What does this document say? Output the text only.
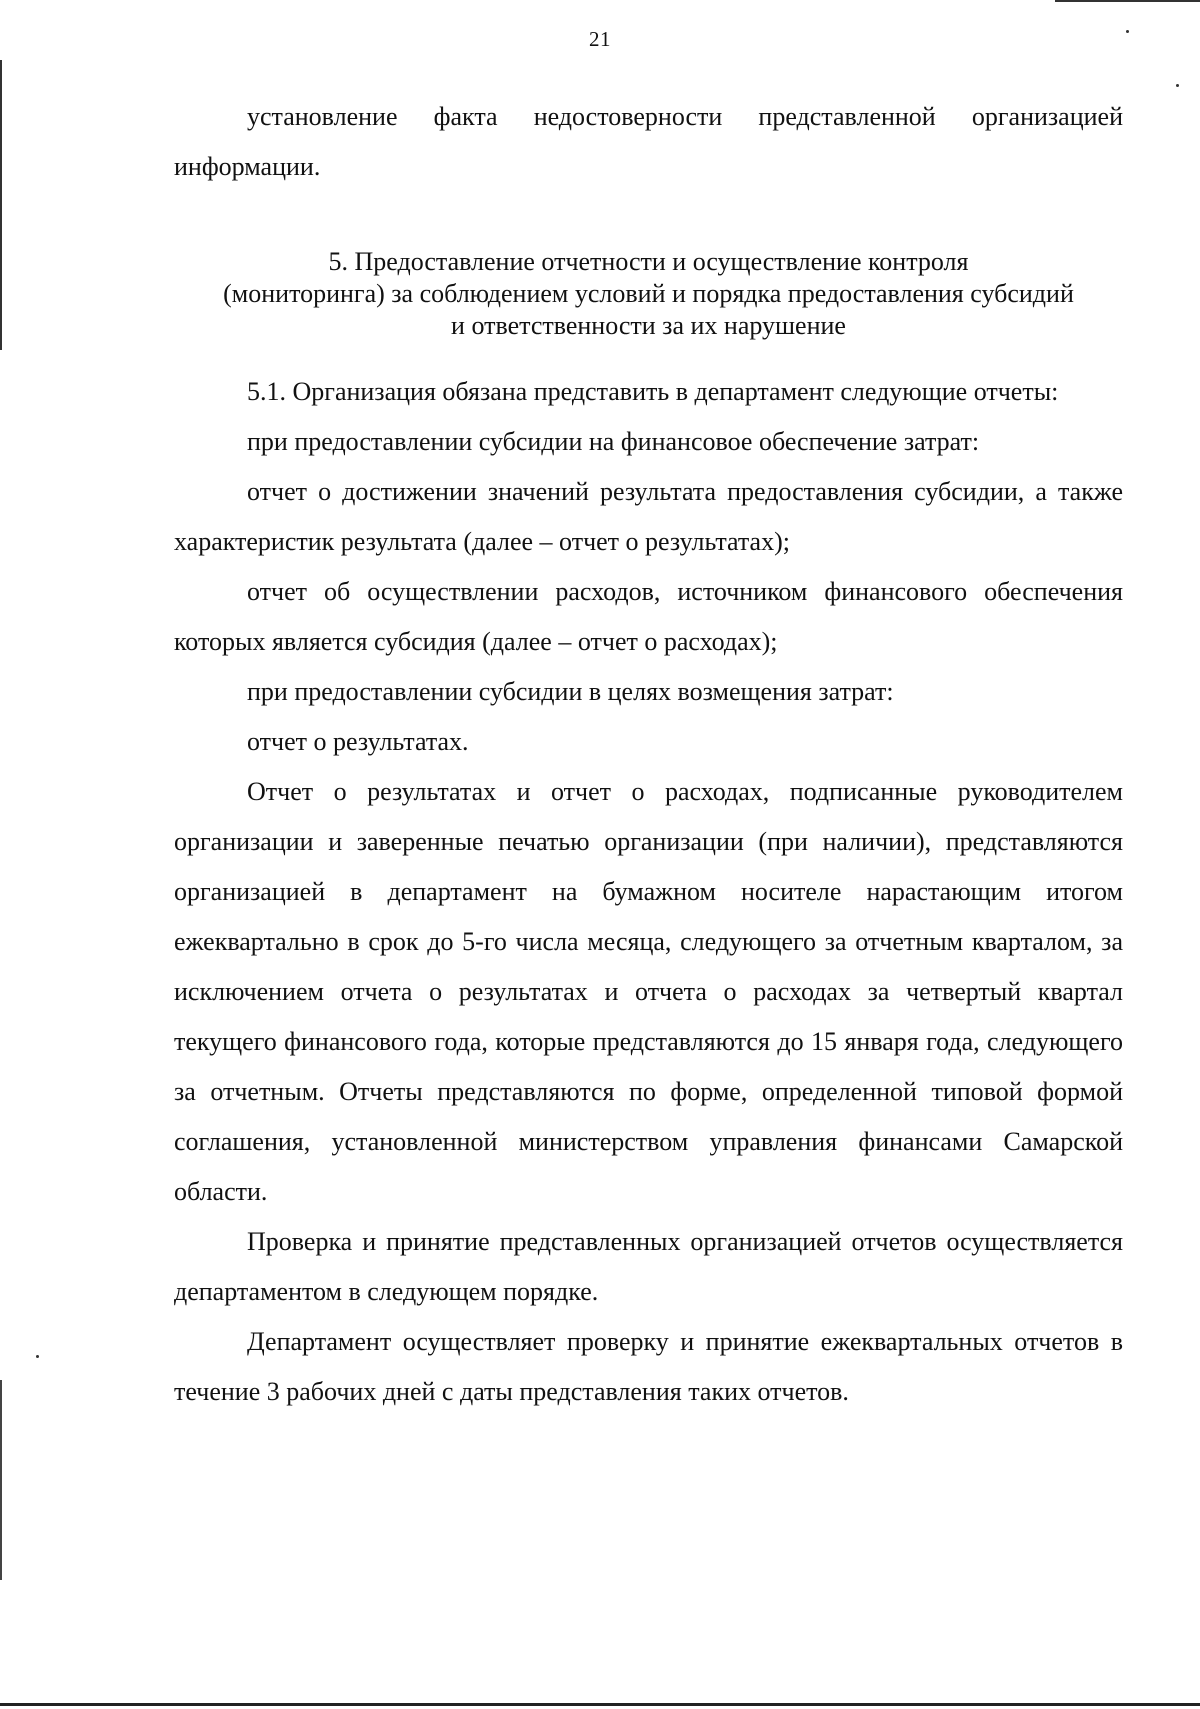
21

установление факта недостоверности представленной организацией информации.

5. Предоставление отчетности и осуществление контроля
(мониторинга) за соблюдением условий и порядка предоставления субсидий
и ответственности за их нарушение

5.1. Организация обязана представить в департамент следующие отчеты:

при предоставлении субсидии на финансовое обеспечение затрат:

отчет о достижении значений результата предоставления субсидии, а также характеристик результата (далее – отчет о результатах);

отчет об осуществлении расходов, источником финансового обеспечения которых является субсидия (далее – отчет о расходах);

при предоставлении субсидии в целях возмещения затрат:

отчет о результатах.

Отчет о результатах и отчет о расходах, подписанные руководителем организации и заверенные печатью организации (при наличии), представляются организацией в департамент на бумажном носителе нарастающим итогом ежеквартально в срок до 5-го числа месяца, следующего за отчетным кварталом, за исключением отчета о результатах и отчета о расходах за четвертый квартал текущего финансового года, которые представляются до 15 января года, следующего за отчетным. Отчеты представляются по форме, определенной типовой формой соглашения, установленной министерством управления финансами Самарской области.

Проверка и принятие представленных организацией отчетов осуществляется департаментом в следующем порядке.

Департамент осуществляет проверку и принятие ежеквартальных отчетов в течение 3 рабочих дней с даты представления таких отчетов.
